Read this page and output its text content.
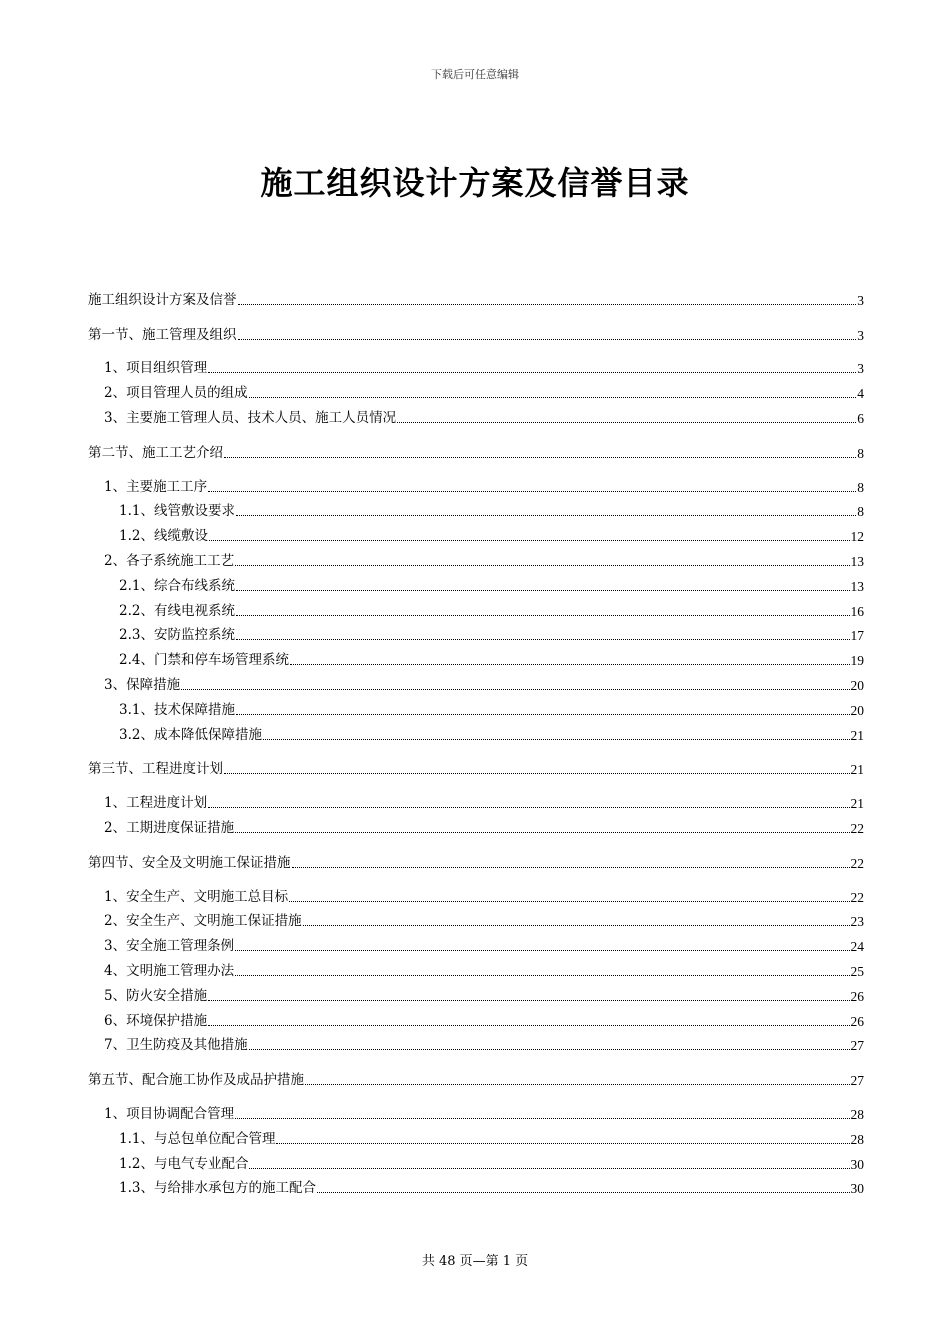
下载后可任意编辑
施工组织设计方案及信誉目录
施工组织设计方案及信誉	3
第一节、施工管理及组织	3
1、项目组织管理	3
2、项目管理人员的组成	4
3、主要施工管理人员、技术人员、施工人员情况	6
第二节、施工工艺介绍	8
1、主要施工工序	8
1.1、线管敷设要求	8
1.2、线缆敷设	12
2、各子系统施工工艺	13
2.1、综合布线系统	13
2.2、有线电视系统	16
2.3、安防监控系统	17
2.4、门禁和停车场管理系统	19
3、保障措施	20
3.1、技术保障措施	20
3.2、成本降低保障措施	21
第三节、工程进度计划	21
1、工程进度计划	21
2、工期进度保证措施	22
第四节、安全及文明施工保证措施	22
1、安全生产、文明施工总目标	22
2、安全生产、文明施工保证措施	23
3、安全施工管理条例	24
4、文明施工管理办法	25
5、防火安全措施	26
6、环境保护措施	26
7、卫生防疫及其他措施	27
第五节、配合施工协作及成品护措施	27
1、项目协调配合管理	28
1.1、与总包单位配合管理	28
1.2、与电气专业配合	30
1.3、与给排水承包方的施工配合	30
共 48 页—第 1 页
